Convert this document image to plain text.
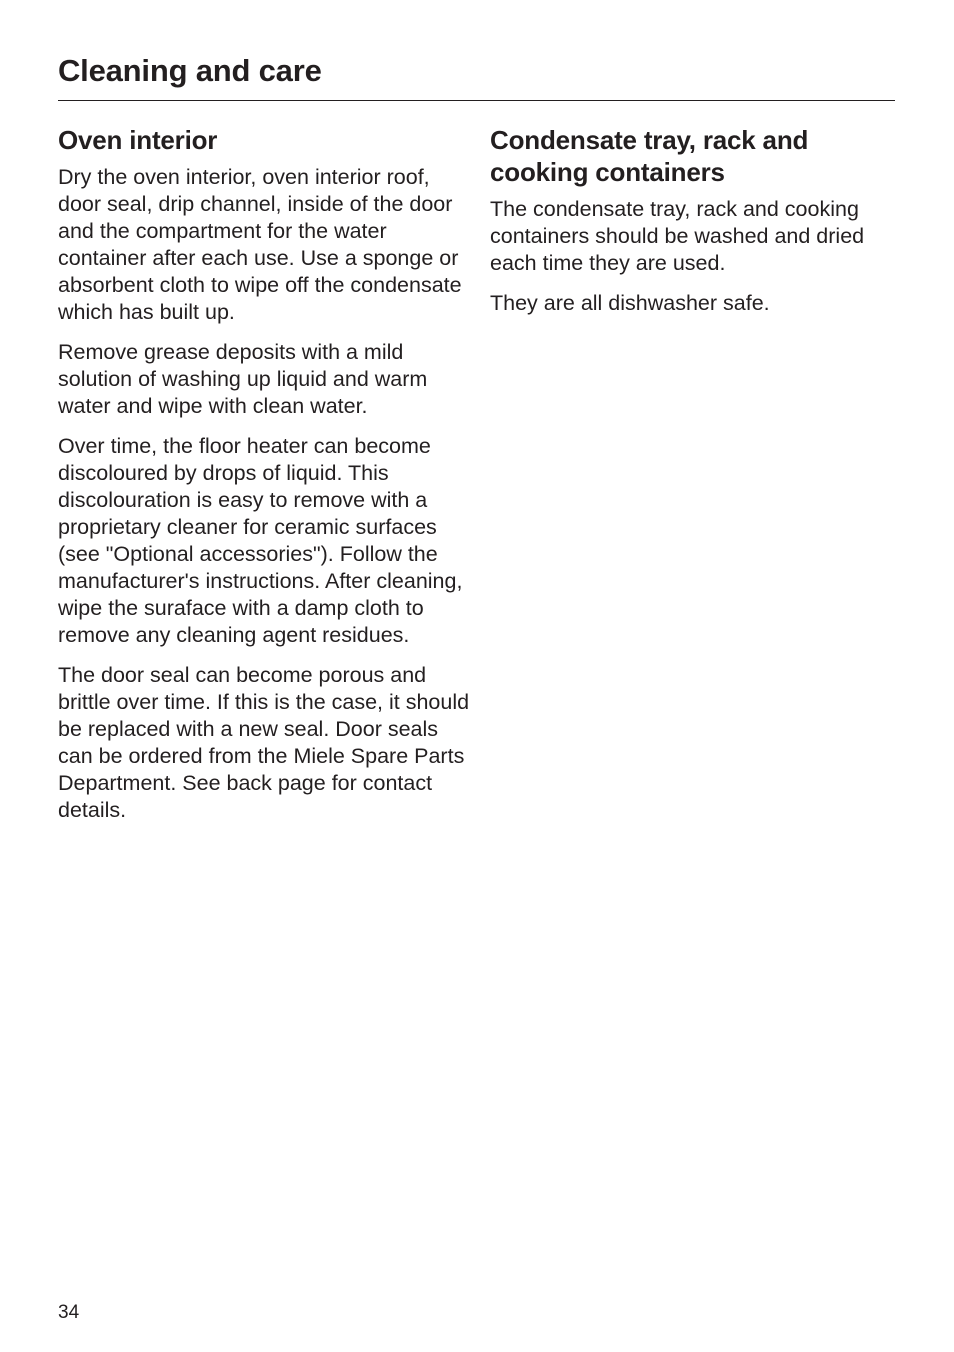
Cleaning and care
Oven interior

Dry the oven interior, oven interior roof, door seal, drip channel, inside of the door and the compartment for the water container after each use. Use a sponge or absorbent cloth to wipe off the condensate which has built up.

Remove grease deposits with a mild solution of washing up liquid and warm water and wipe with clean water.

Over time, the floor heater can become discoloured by drops of liquid. This discolouration is easy to remove with a proprietary cleaner for ceramic surfaces (see "Optional accessories"). Follow the manufacturer's instructions. After cleaning, wipe the suraface with a damp cloth to remove any cleaning agent residues.

The door seal can become porous and brittle over time. If this is the case, it should be replaced with a new seal. Door seals can be ordered from the Miele Spare Parts Department. See back page for contact details.

Condensate tray, rack and cooking containers

The condensate tray, rack and cooking containers should be washed and dried each time they are used.

They are all dishwasher safe.

34
